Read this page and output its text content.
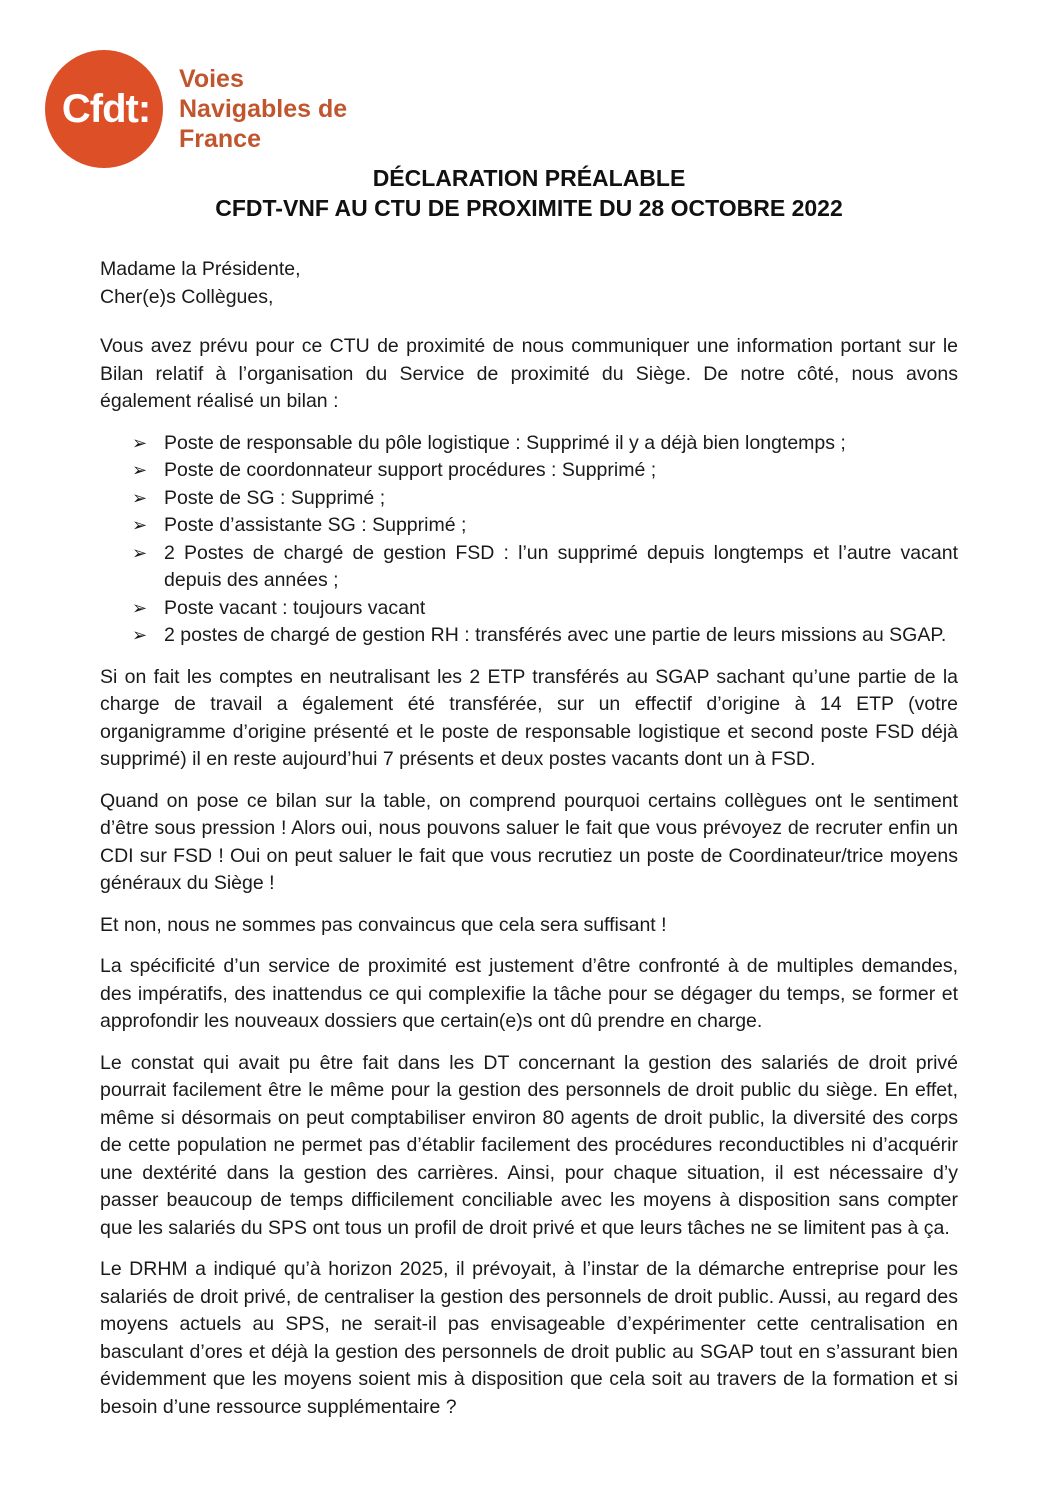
Cfdt:
Voies
Navigables de
France
DÉCLARATION PRÉALABLE
CFDT-VNF AU CTU DE PROXIMITE DU 28 OCTOBRE 2022
Madame la Présidente,
Cher(e)s Collègues,

Vous avez prévu pour ce CTU de proximité de nous communiquer une information portant sur le Bilan relatif à l’organisation du Service de proximité du Siège. De notre côté, nous avons également réalisé un bilan :

➢ Poste de responsable du pôle logistique : Supprimé il y a déjà bien longtemps ;
➢ Poste de coordonnateur support procédures : Supprimé ;
➢ Poste de SG : Supprimé ;
➢ Poste d’assistante SG : Supprimé ;
➢ 2 Postes de chargé de gestion FSD : l’un supprimé depuis longtemps et l’autre vacant depuis des années ;
➢ Poste vacant : toujours vacant
➢ 2 postes de chargé de gestion RH : transférés avec une partie de leurs missions au SGAP.

Si on fait les comptes en neutralisant les 2 ETP transférés au SGAP sachant qu’une partie de la charge de travail a également été transférée, sur un effectif d’origine à 14 ETP (votre organigramme d’origine présenté et le poste de responsable logistique et second poste FSD déjà supprimé) il en reste aujourd’hui 7 présents et deux postes vacants dont un à FSD.

Quand on pose ce bilan sur la table, on comprend pourquoi certains collègues ont le sentiment d’être sous pression ! Alors oui, nous pouvons saluer le fait que vous prévoyez de recruter enfin un CDI sur FSD ! Oui on peut saluer le fait que vous recrutiez un poste de Coordinateur/trice moyens généraux du Siège !

Et non, nous ne sommes pas convaincus que cela sera suffisant !

La spécificité d’un service de proximité est justement d’être confronté à de multiples demandes, des impératifs, des inattendus ce qui complexifie la tâche pour se dégager du temps, se former et approfondir les nouveaux dossiers que certain(e)s ont dû prendre en charge.

Le constat qui avait pu être fait dans les DT concernant la gestion des salariés de droit privé pourrait facilement être le même pour la gestion des personnels de droit public du siège. En effet, même si désormais on peut comptabiliser environ 80 agents de droit public, la diversité des corps de cette population ne permet pas d’établir facilement des procédures reconductibles ni d’acquérir une dextérité dans la gestion des carrières. Ainsi, pour chaque situation, il est nécessaire d’y passer beaucoup de temps difficilement conciliable avec les moyens à disposition sans compter que les salariés du SPS ont tous un profil de droit privé et que leurs tâches ne se limitent pas à ça.

Le DRHM a indiqué qu’à horizon 2025, il prévoyait, à l’instar de la démarche entreprise pour les salariés de droit privé, de centraliser la gestion des personnels de droit public. Aussi, au regard des moyens actuels au SPS, ne serait-il pas envisageable d’expérimenter cette centralisation en basculant d’ores et déjà la gestion des personnels de droit public au SGAP tout en s’assurant bien évidemment que les moyens soient mis à disposition que cela soit au travers de la formation et si besoin d’une ressource supplémentaire ?
